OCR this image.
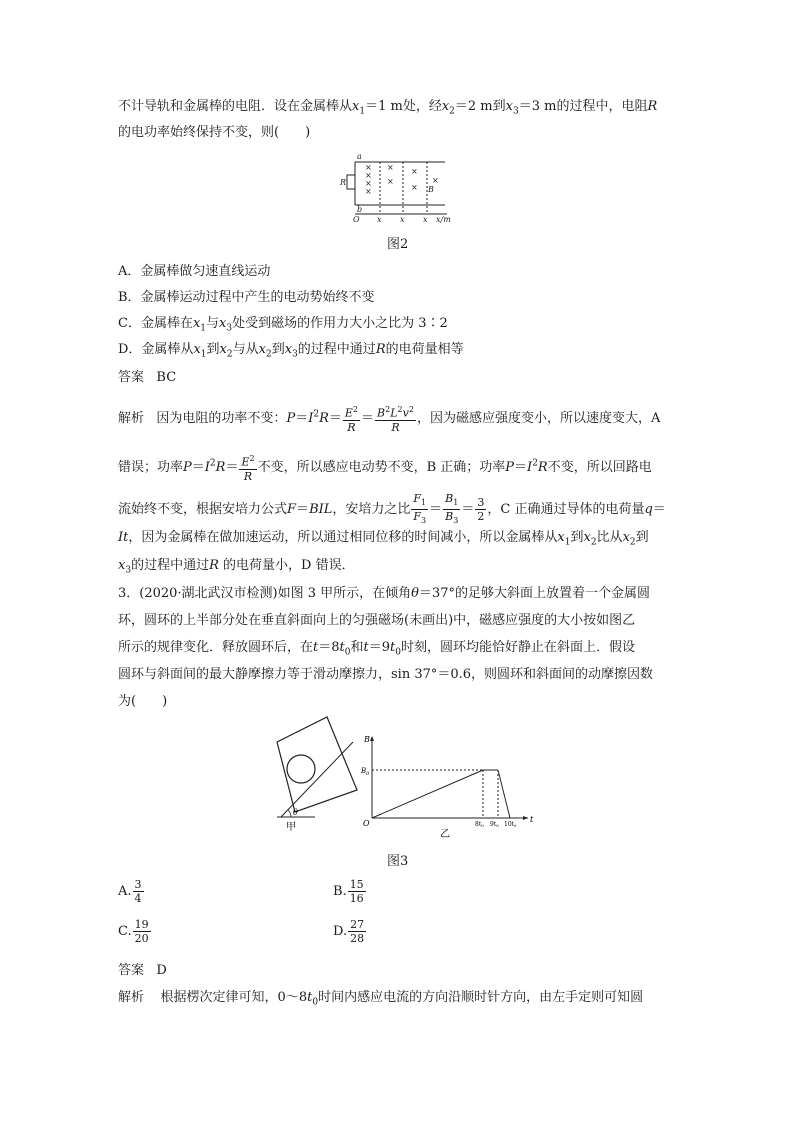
不计导轨和金属棒的电阻．设在金属棒从$x_1=1$ m处，经$x_2=2$ m到$x_3=3$ m的过程中，电阻R
的电功率始终保持不变，则(　　)
×
×
×
×
×
×
×
×
×
R
a
b
O
B
x x x x/m
图2
A．金属棒做匀速直线运动
B．金属棒运动过程中产生的电动势始终不变
C．金属棒在$x_1$与$x_3$处受到磁场的作用力大小之比为 3∶2
D．金属棒从$x_1$到$x_2$与从$x_2$到$x_3$的过程中通过R的电荷量相等
答案 BC
解析 因为电阻的功率不变：$P=I^2R= \frac{E^2}{R} = \frac{B^2L^2v^2}{R}$ ，因为磁感应强度变小，所以速度变大，A
错误；功率$P=I^2R= \frac{E^2}{R}$ 不变，所以感应电动势不变，B 正确；功率$P=I^2R$不变，所以回路电
流始终不变，根据安培力公式F＝BIL，安培力之比 $\frac{F_1}{F_3} = \frac{B_1}{B_3} = \frac{3}{2}$ ，C 正确通过导体的电荷量q＝
It，因为金属棒在做加速运动，所以通过相同位移的时间减小，所以金属棒从$x_1$到$x_2$比从$x_2$到
$x_3$的过程中通过R 的电荷量小，D 错误．
3．(2020·湖北武汉市检测)如图 3 甲所示，在倾角θ＝37°的足够大斜面上放置着一个金属圆
环，圆环的上半部分处在垂直斜面向上的匀强磁场(未画出)中，磁感应强度的大小按如图乙
所示的规律变化．释放圆环后，在$t=8t_0$和$t=9t_0$时刻，圆环均能恰好静止在斜面上．假设
圆环与斜面间的最大静摩擦力等于滑动摩擦力，sin 37°＝0.6，则圆环和斜面间的动摩擦因数
为(　　)
θ
甲
B
$B_0$
O	t
8t0 9t0 10t0
乙
图3
A. $\frac{3}{4}$	B. $\frac{15}{16}$
C. $\frac{19}{20}$	D. $\frac{27}{28}$
答案 D
解析 根据楞次定律可知，$0\sim 8t_0$时间内感应电流的方向沿顺时针方向，由左手定则可知圆
